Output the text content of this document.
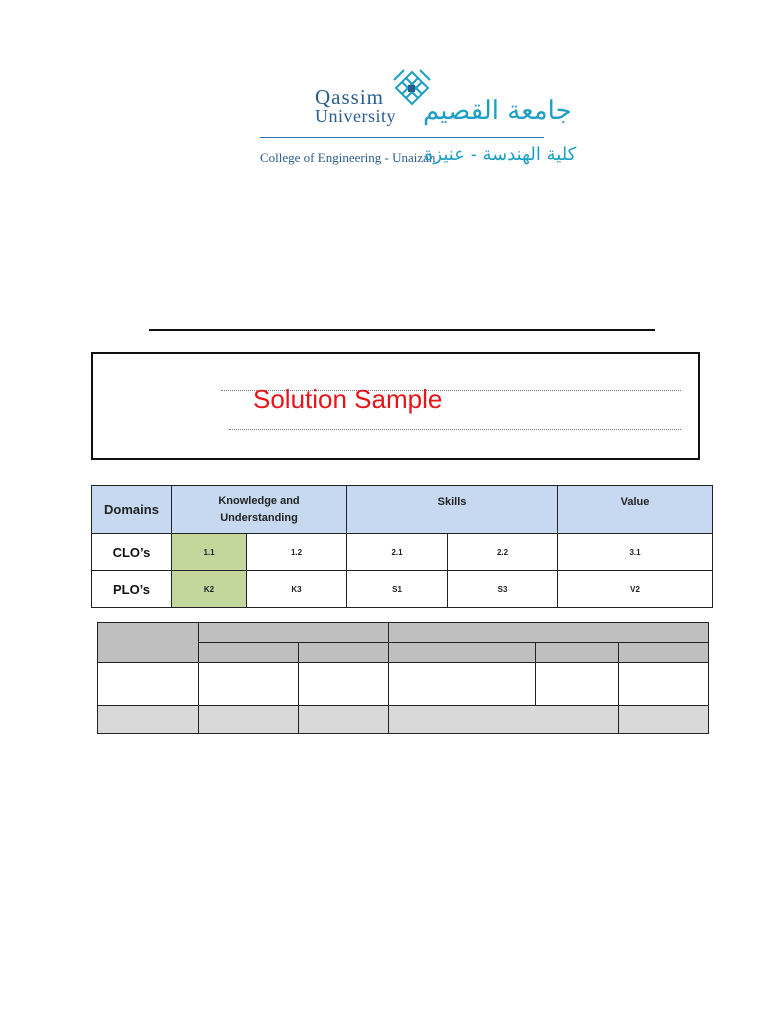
Qassim
University جامعة القصيم
College of Engineering - Unaizah
كلية الهندسة - عنيزة
Solution Sample
Domains	Knowledge and Understanding		Skills		Value
CLO’s	1.1	1.2	2.1	2.2	3.1
PLO’s	K2	K3	S1	S3	V2
